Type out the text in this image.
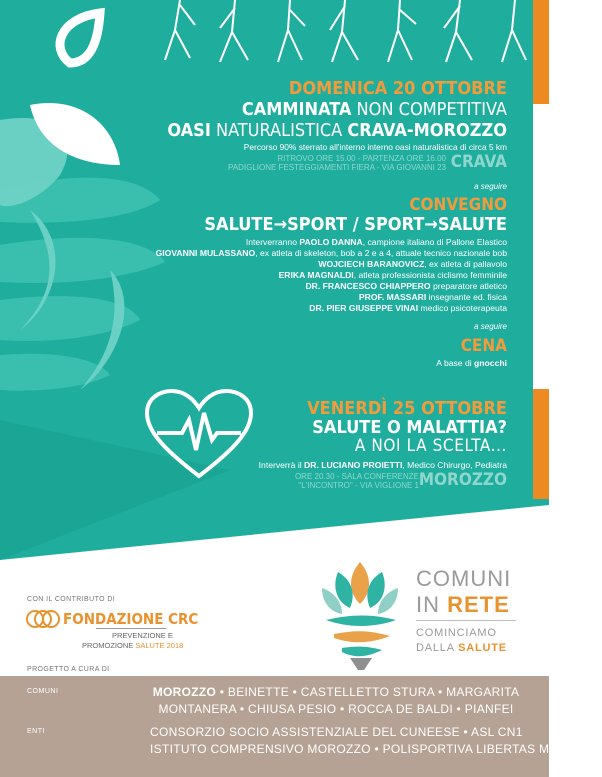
DOMENICA 20 OTTOBRE
CAMMINATA NON COMPETITIVA
OASI NATURALISTICA CRAVA-MOROZZO
Percorso 90% sterrato all'interno interno oasi naturalistica di circa 5 km
RITROVO ORE 15.00 - PARTENZA ORE 16.00
PADIGLIONE FESTEGGIAMENTI FIERA - VIA GIOVANNI 23 CRAVA
a seguire
CONVEGNO
SALUTE→SPORT / SPORT→SALUTE
Interverranno PAOLO DANNA, campione italiano di Pallone Elastico
GIOVANNI MULASSANO, ex atleta di skeleton, bob a 2 e a 4, attuale tecnico nazionale bob
WOJCIECH BARANOVICZ, ex atleta di pallavolo
ERIKA MAGNALDI, atleta professionista ciclismo femminile
DR. FRANCESCO CHIAPPERO preparatore atletico
PROF. MASSARI insegnante ed. fisica
DR. PIER GIUSEPPE VINAI medico psicoterapeuta
a seguire
CENA
A base di gnocchi
VENERDÌ 25 OTTOBRE
SALUTE O MALATTIA?
A NOI LA SCELTA...
Interverrà il DR. LUCIANO PROIETTI, Medico Chirurgo, Pediatra
ORE 20.30 - SALA CONFERENZE
"L'INCONTRO" - VIA VIGLIONE 1 MOROZZO
COMUNI
IN RETE
COMINCIAMO
DALLA SALUTE
CON IL CONTRIBUTO DI
FONDAZIONE CRC
PREVENZIONE E
PROMOZIONE SALUTE 2018
PROGETTO A CURA DI
COMUNI	MOROZZO • BEINETTE • CASTELLETTO STURA • MARGARITA
MONTANERA • CHIUSA PESIO • ROCCA DE BALDI • PIANFEI
ENTI	CONSORZIO SOCIO ASSISTENZIALE DEL CUNEESE • ASL CN1
ISTITUTO COMPRENSIVO MOROZZO • POLISPORTIVA LIBERTAS MOROZZO
